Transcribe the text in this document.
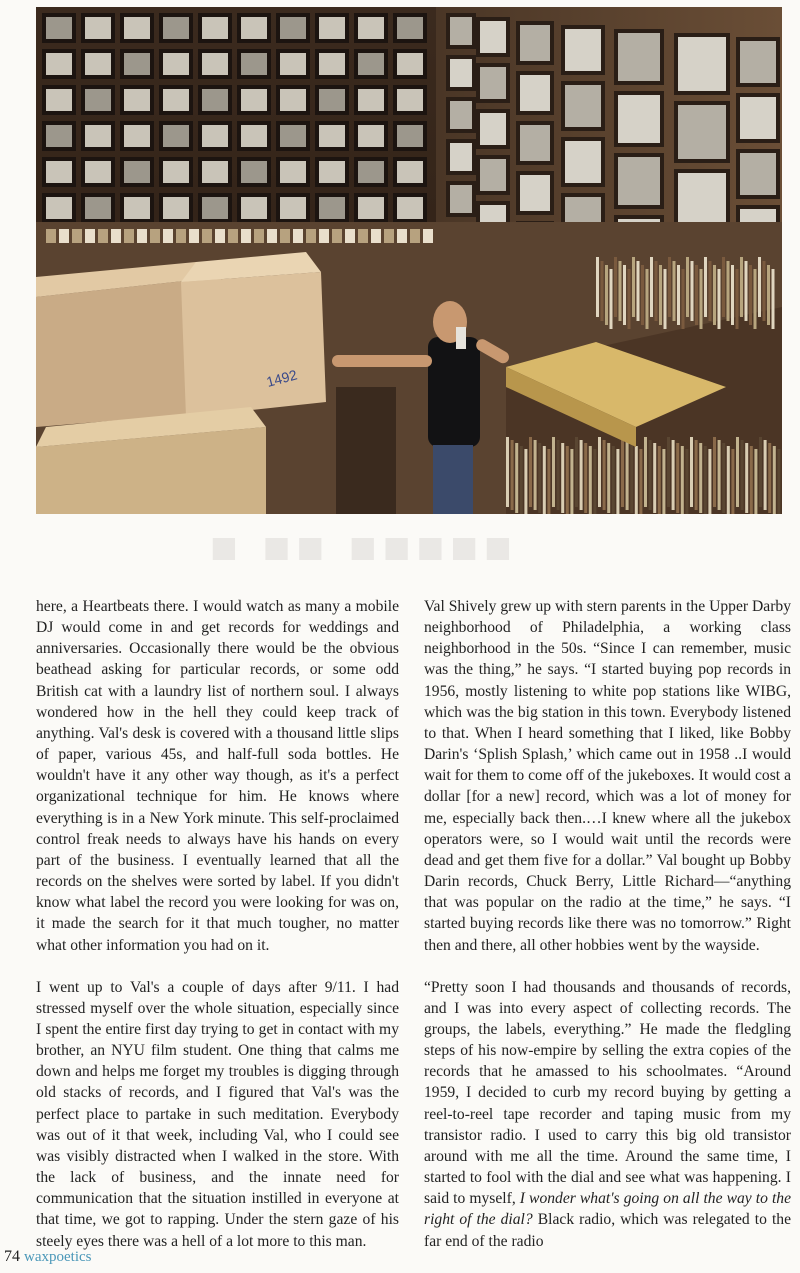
1492
■ ■■ ■■■■■

here, a Heartbeats there. I would watch as many a mobile DJ would come in and get records for weddings and anniversaries. Occasionally there would be the obvious beathead asking for particular records, or some odd British cat with a laundry list of northern soul. I always wondered how in the hell they could keep track of anything. Val's desk is covered with a thousand little slips of paper, various 45s, and half-full soda bottles. He wouldn't have it any other way though, as it's a perfect organizational technique for him. He knows where everything is in a New York minute. This self-proclaimed control freak needs to always have his hands on every part of the business. I eventually learned that all the records on the shelves were sorted by label. If you didn't know what label the record you were looking for was on, it made the search for it that much tougher, no matter what other information you had on it.

I went up to Val's a couple of days after 9/11. I had stressed myself over the whole situation, especially since I spent the entire first day trying to get in contact with my brother, an NYU film student. One thing that calms me down and helps me forget my troubles is digging through old stacks of records, and I figured that Val's was the perfect place to partake in such meditation. Everybody was out of it that week, including Val, who I could see was visibly distracted when I walked in the store. With the lack of business, and the innate need for communication that the situation instilled in everyone at that time, we got to rapping. Under the stern gaze of his steely eyes there was a hell of a lot more to this man.

Val Shively grew up with stern parents in the Upper Darby neighborhood of Philadelphia, a working class neighborhood in the 50s. “Since I can remember, music was the thing,” he says. “I started buying pop records in 1956, mostly listening to white pop stations like WIBG, which was the big station in this town. Everybody listened to that. When I heard something that I liked, like Bobby Darin's ‘Splish Splash,’ which came out in 1958 ..I would wait for them to come off of the jukeboxes. It would cost a dollar [for a new] record, which was a lot of money for me, especially back then.…I knew where all the jukebox operators were, so I would wait until the records were dead and get them five for a dollar.” Val bought up Bobby Darin records, Chuck Berry, Little Richard—“anything that was popular on the radio at the time,” he says. “I started buying records like there was no tomorrow.” Right then and there, all other hobbies went by the wayside.

“Pretty soon I had thousands and thousands of records, and I was into every aspect of collecting records. The groups, the labels, everything.” He made the fledgling steps of his now-empire by selling the extra copies of the records that he amassed to his schoolmates. “Around 1959, I decided to curb my record buying by getting a reel-to-reel tape recorder and taping music from my transistor radio. I used to carry this big old transistor around with me all the time. Around the same time, I started to fool with the dial and see what was happening. I said to myself, I wonder what's going on all the way to the right of the dial? Black radio, which was relegated to the far end of the radio

74 waxpoetics
